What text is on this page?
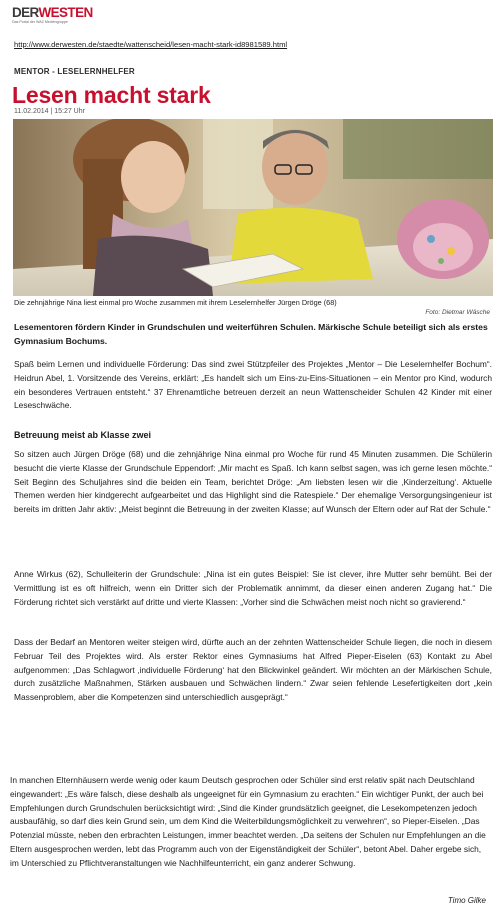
DERWESTEN
Das Portal der WAZ Mediengruppe
http://www.derwesten.de/staedte/wattenscheid/lesen-macht-stark-id8981589.html
MENTOR - LESELERNHELFER
Lesen macht stark
11.02.2014 | 15:27 Uhr
Die zehnjährige Nina liest einmal pro Woche zusammen mit ihrem Leselernhelfer Jürgen Dröge (68)
Foto: Dietmar Wäsche
Lesementoren fördern Kinder in Grundschulen und weiterführen Schulen. Märkische Schule beteiligt sich als erstes Gymnasium Bochums.
Spaß beim Lernen und individuelle Förderung: Das sind zwei Stützpfeiler des Projektes „Mentor – Die Leselernhelfer Bochum“. Heidrun Abel, 1. Vorsitzende des Vereins, erklärt: „Es handelt sich um Eins-zu-Eins-Situationen – ein Mentor pro Kind, wodurch ein besonderes Vertrauen entsteht.“ 37 Ehrenamtliche betreuen derzeit an neun Wattenscheider Schulen 42 Kinder mit einer Leseschwäche.
Betreuung meist ab Klasse zwei
So sitzen auch Jürgen Dröge (68) und die zehnjährige Nina einmal pro Woche für rund 45 Minuten zusammen. Die Schülerin besucht die vierte Klasse der Grundschule Eppendorf: „Mir macht es Spaß. Ich kann selbst sagen, was ich gerne lesen möchte.“ Seit Beginn des Schuljahres sind die beiden ein Team, berichtet Dröge: „Am liebsten lesen wir die ‚Kinderzeitung‘. Aktuelle Themen werden hier kindgerecht aufgearbeitet und das Highlight sind die Ratespiele.“ Der ehemalige Versorgungsingenieur ist bereits im dritten Jahr aktiv: „Meist beginnt die Betreuung in der zweiten Klasse; auf Wunsch der Eltern oder auf Rat der Schule.“
Anne Wirkus (62), Schulleiterin der Grundschule: „Nina ist ein gutes Beispiel: Sie ist clever, ihre Mutter sehr bemüht. Bei der Vermittlung ist es oft hilfreich, wenn ein Dritter sich der Problematik annimmt, da dieser einen anderen Zugang hat.“ Die Förderung richtet sich verstärkt auf dritte und vierte Klassen: „Vorher sind die Schwächen meist noch nicht so gravierend.“
Dass der Bedarf an Mentoren weiter steigen wird, dürfte auch an der zehnten Wattenscheider Schule liegen, die noch in diesem Februar Teil des Projektes wird. Als erster Rektor eines Gymnasiums hat Alfred Pieper-Eiselen (63) Kontakt zu Abel aufgenommen: „Das Schlagwort ‚individuelle Förderung‘ hat den Blickwinkel geändert. Wir möchten an der Märkischen Schule, durch zusätzliche Maßnahmen, Stärken ausbauen und Schwächen lindern.“ Zwar seien fehlende Lesefertigkeiten dort „kein Massenproblem, aber die Kompetenzen sind unterschiedlich ausgeprägt.“
In manchen Elternhäusern werde wenig oder kaum Deutsch gesprochen oder Schüler sind erst relativ spät nach Deutschland eingewandert: „Es wäre falsch, diese deshalb als ungeeignet für ein Gymnasium zu erachten.“ Ein wichtiger Punkt, der auch bei Empfehlungen durch Grundschulen berücksichtigt wird: „Sind die Kinder grundsätzlich geeignet, die Lesekompetenzen jedoch ausbaufähig, so darf dies kein Grund sein, um dem Kind die Weiterbildungsmöglichkeit zu verwehren“, so Pieper-Eiselen. „Das Potenzial müsste, neben den erbrachten Leistungen, immer beachtet werden. „Da seitens der Schulen nur Empfehlungen an die Eltern ausgesprochen werden, lebt das Programm auch von der Eigenständigkeit der Schüler“, betont Abel. Daher ergebe sich, im Unterschied zu Pflichtveranstaltungen wie Nachhilfeunterricht, ein ganz anderer Schwung.
Timo Gilke
